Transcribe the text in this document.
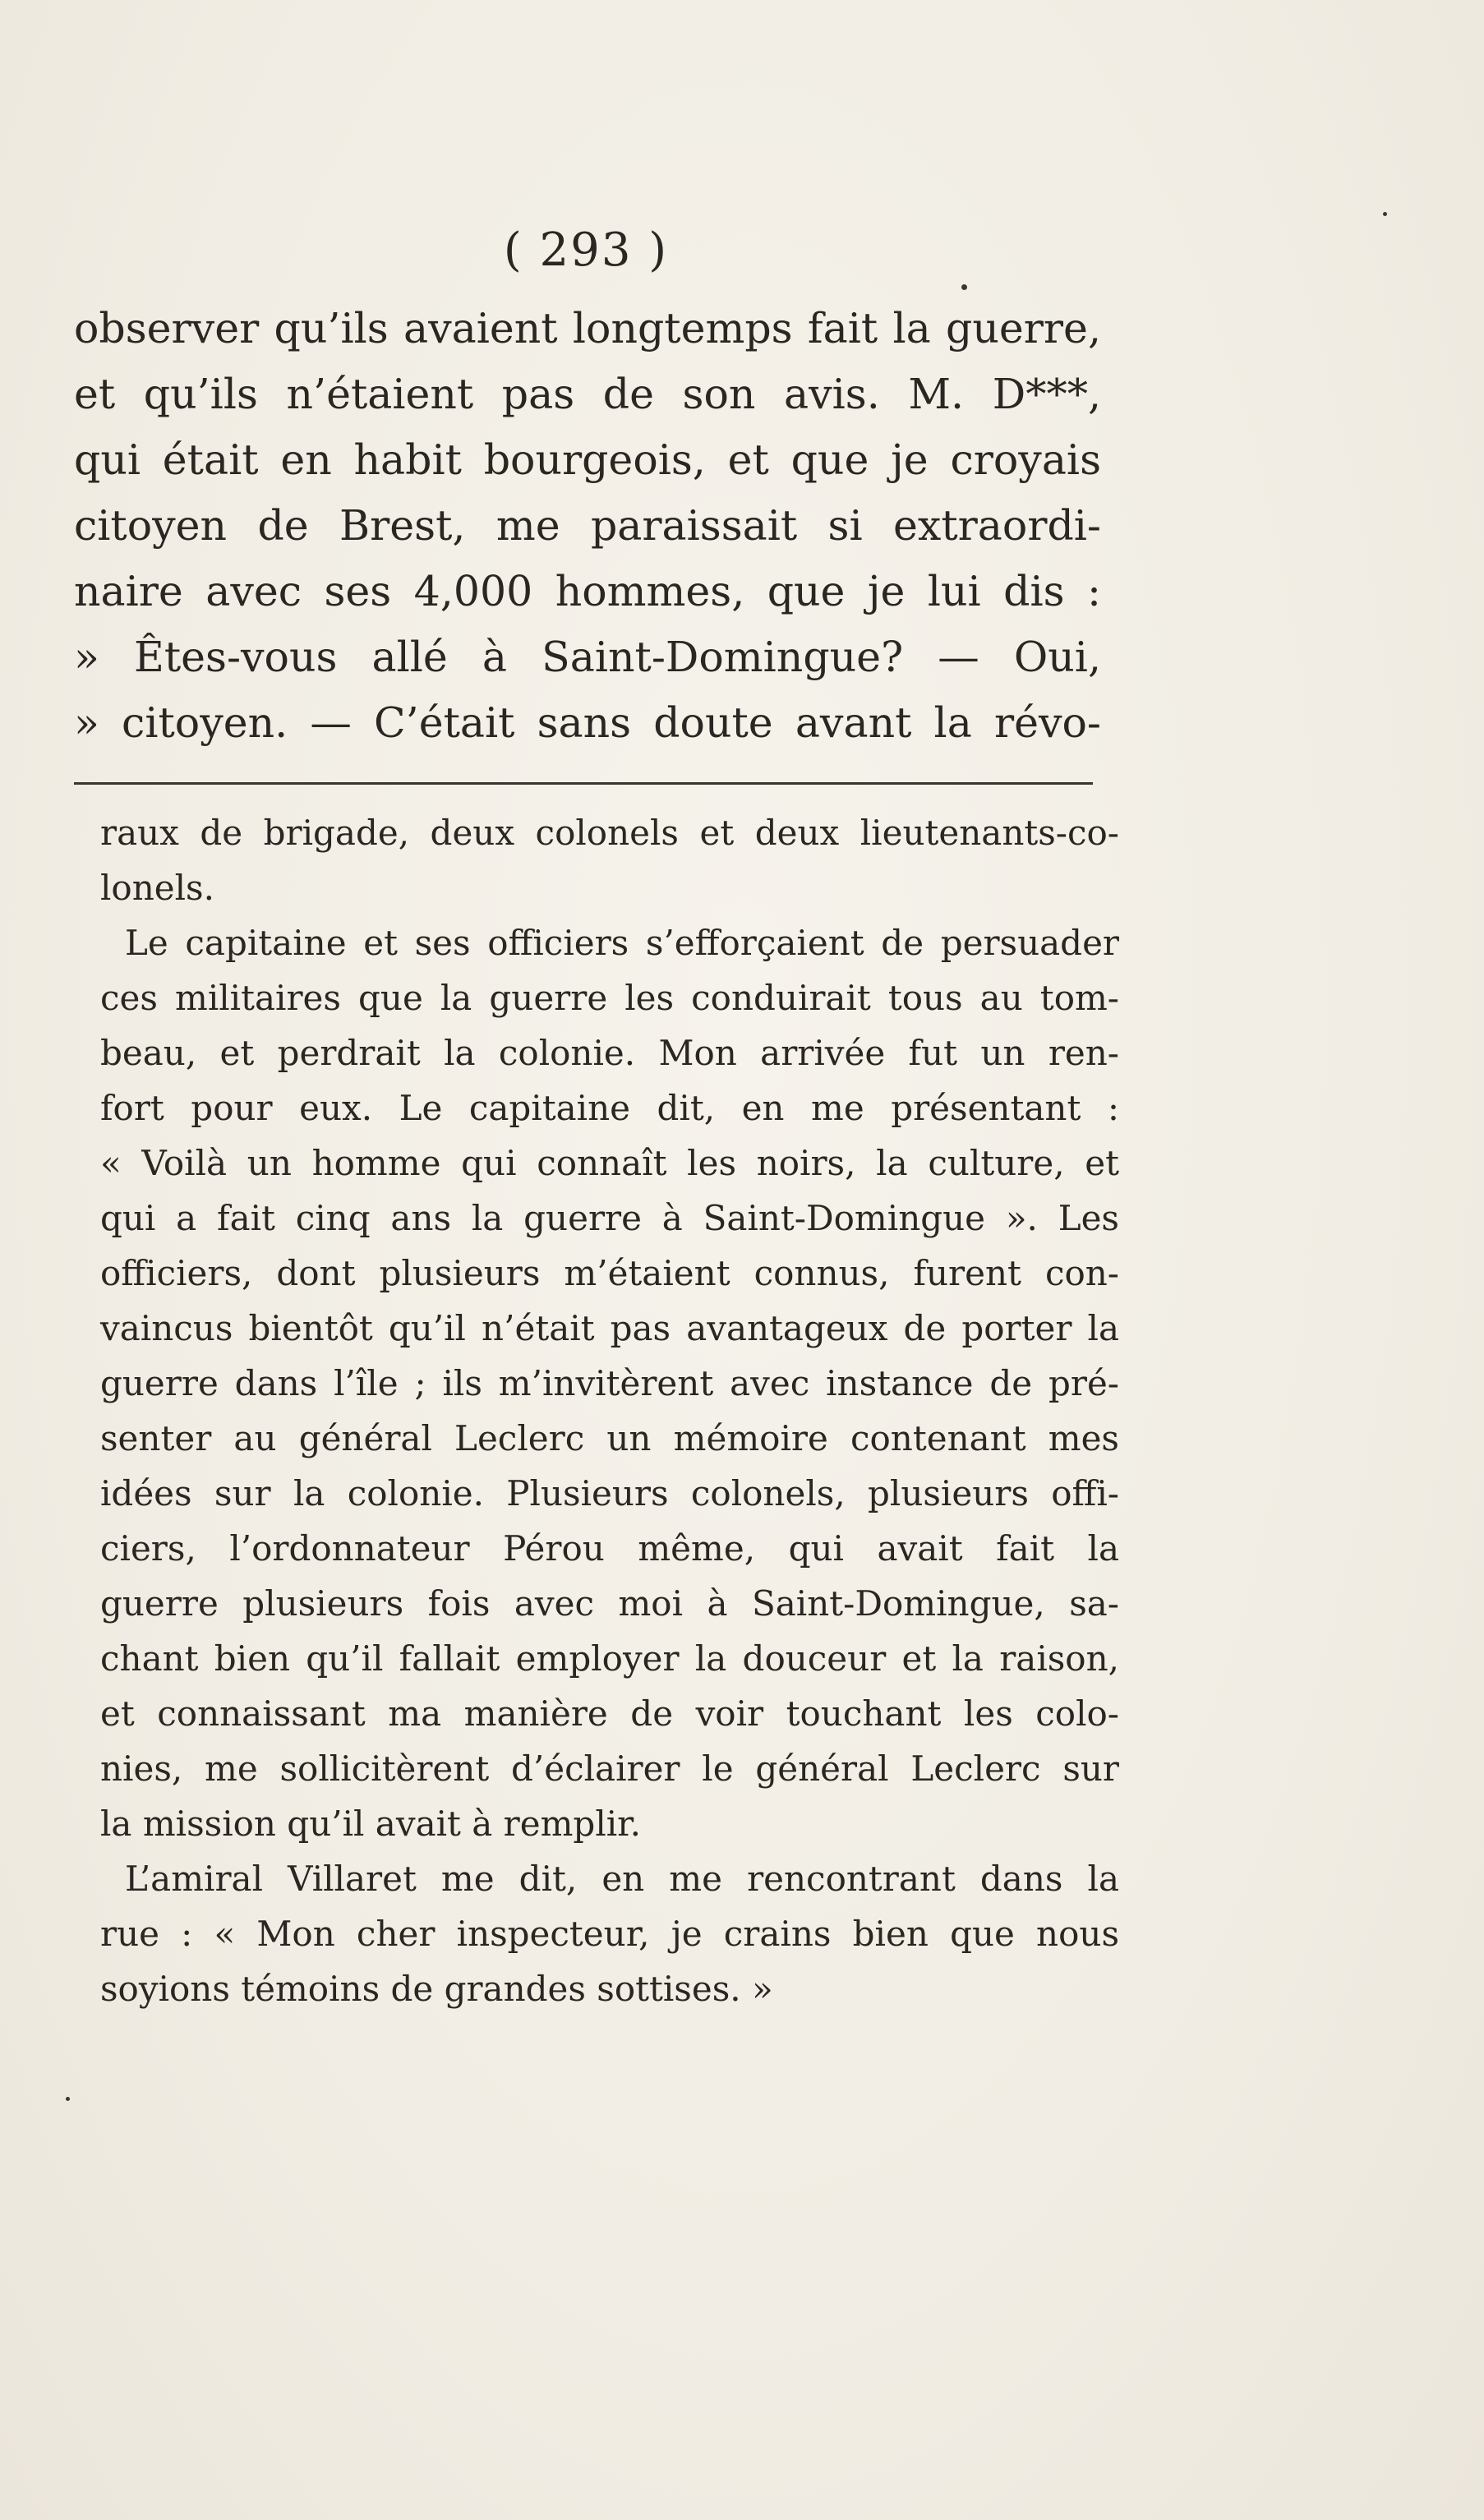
( 293 )
observer qu’ils avaient longtemps fait la guerre,
et qu’ils n’étaient pas de son avis. M. D***,
qui était en habit bourgeois, et que je croyais
citoyen de Brest, me paraissait si extraordi-
naire avec ses 4,000 hommes, que je lui dis :
» Êtes-vous allé à Saint-Domingue? — Oui,
» citoyen. — C’était sans doute avant la révo-
raux de brigade, deux colonels et deux lieutenants-co-
lonels.
Le capitaine et ses officiers s’efforçaient de persuader
ces militaires que la guerre les conduirait tous au tom-
beau, et perdrait la colonie. Mon arrivée fut un ren-
fort pour eux. Le capitaine dit, en me présentant :
« Voilà un homme qui connaît les noirs, la culture, et
qui a fait cinq ans la guerre à Saint-Domingue ». Les
officiers, dont plusieurs m’étaient connus, furent con-
vaincus bientôt qu’il n’était pas avantageux de porter la
guerre dans l’île ; ils m’invitèrent avec instance de pré-
senter au général Leclerc un mémoire contenant mes
idées sur la colonie. Plusieurs colonels, plusieurs offi-
ciers, l’ordonnateur Pérou même, qui avait fait la
guerre plusieurs fois avec moi à Saint-Domingue, sa-
chant bien qu’il fallait employer la douceur et la raison,
et connaissant ma manière de voir touchant les colo-
nies, me sollicitèrent d’éclairer le général Leclerc sur
la mission qu’il avait à remplir.
L’amiral Villaret me dit, en me rencontrant dans la
rue : « Mon cher inspecteur, je crains bien que nous
soyions témoins de grandes sottises. »
